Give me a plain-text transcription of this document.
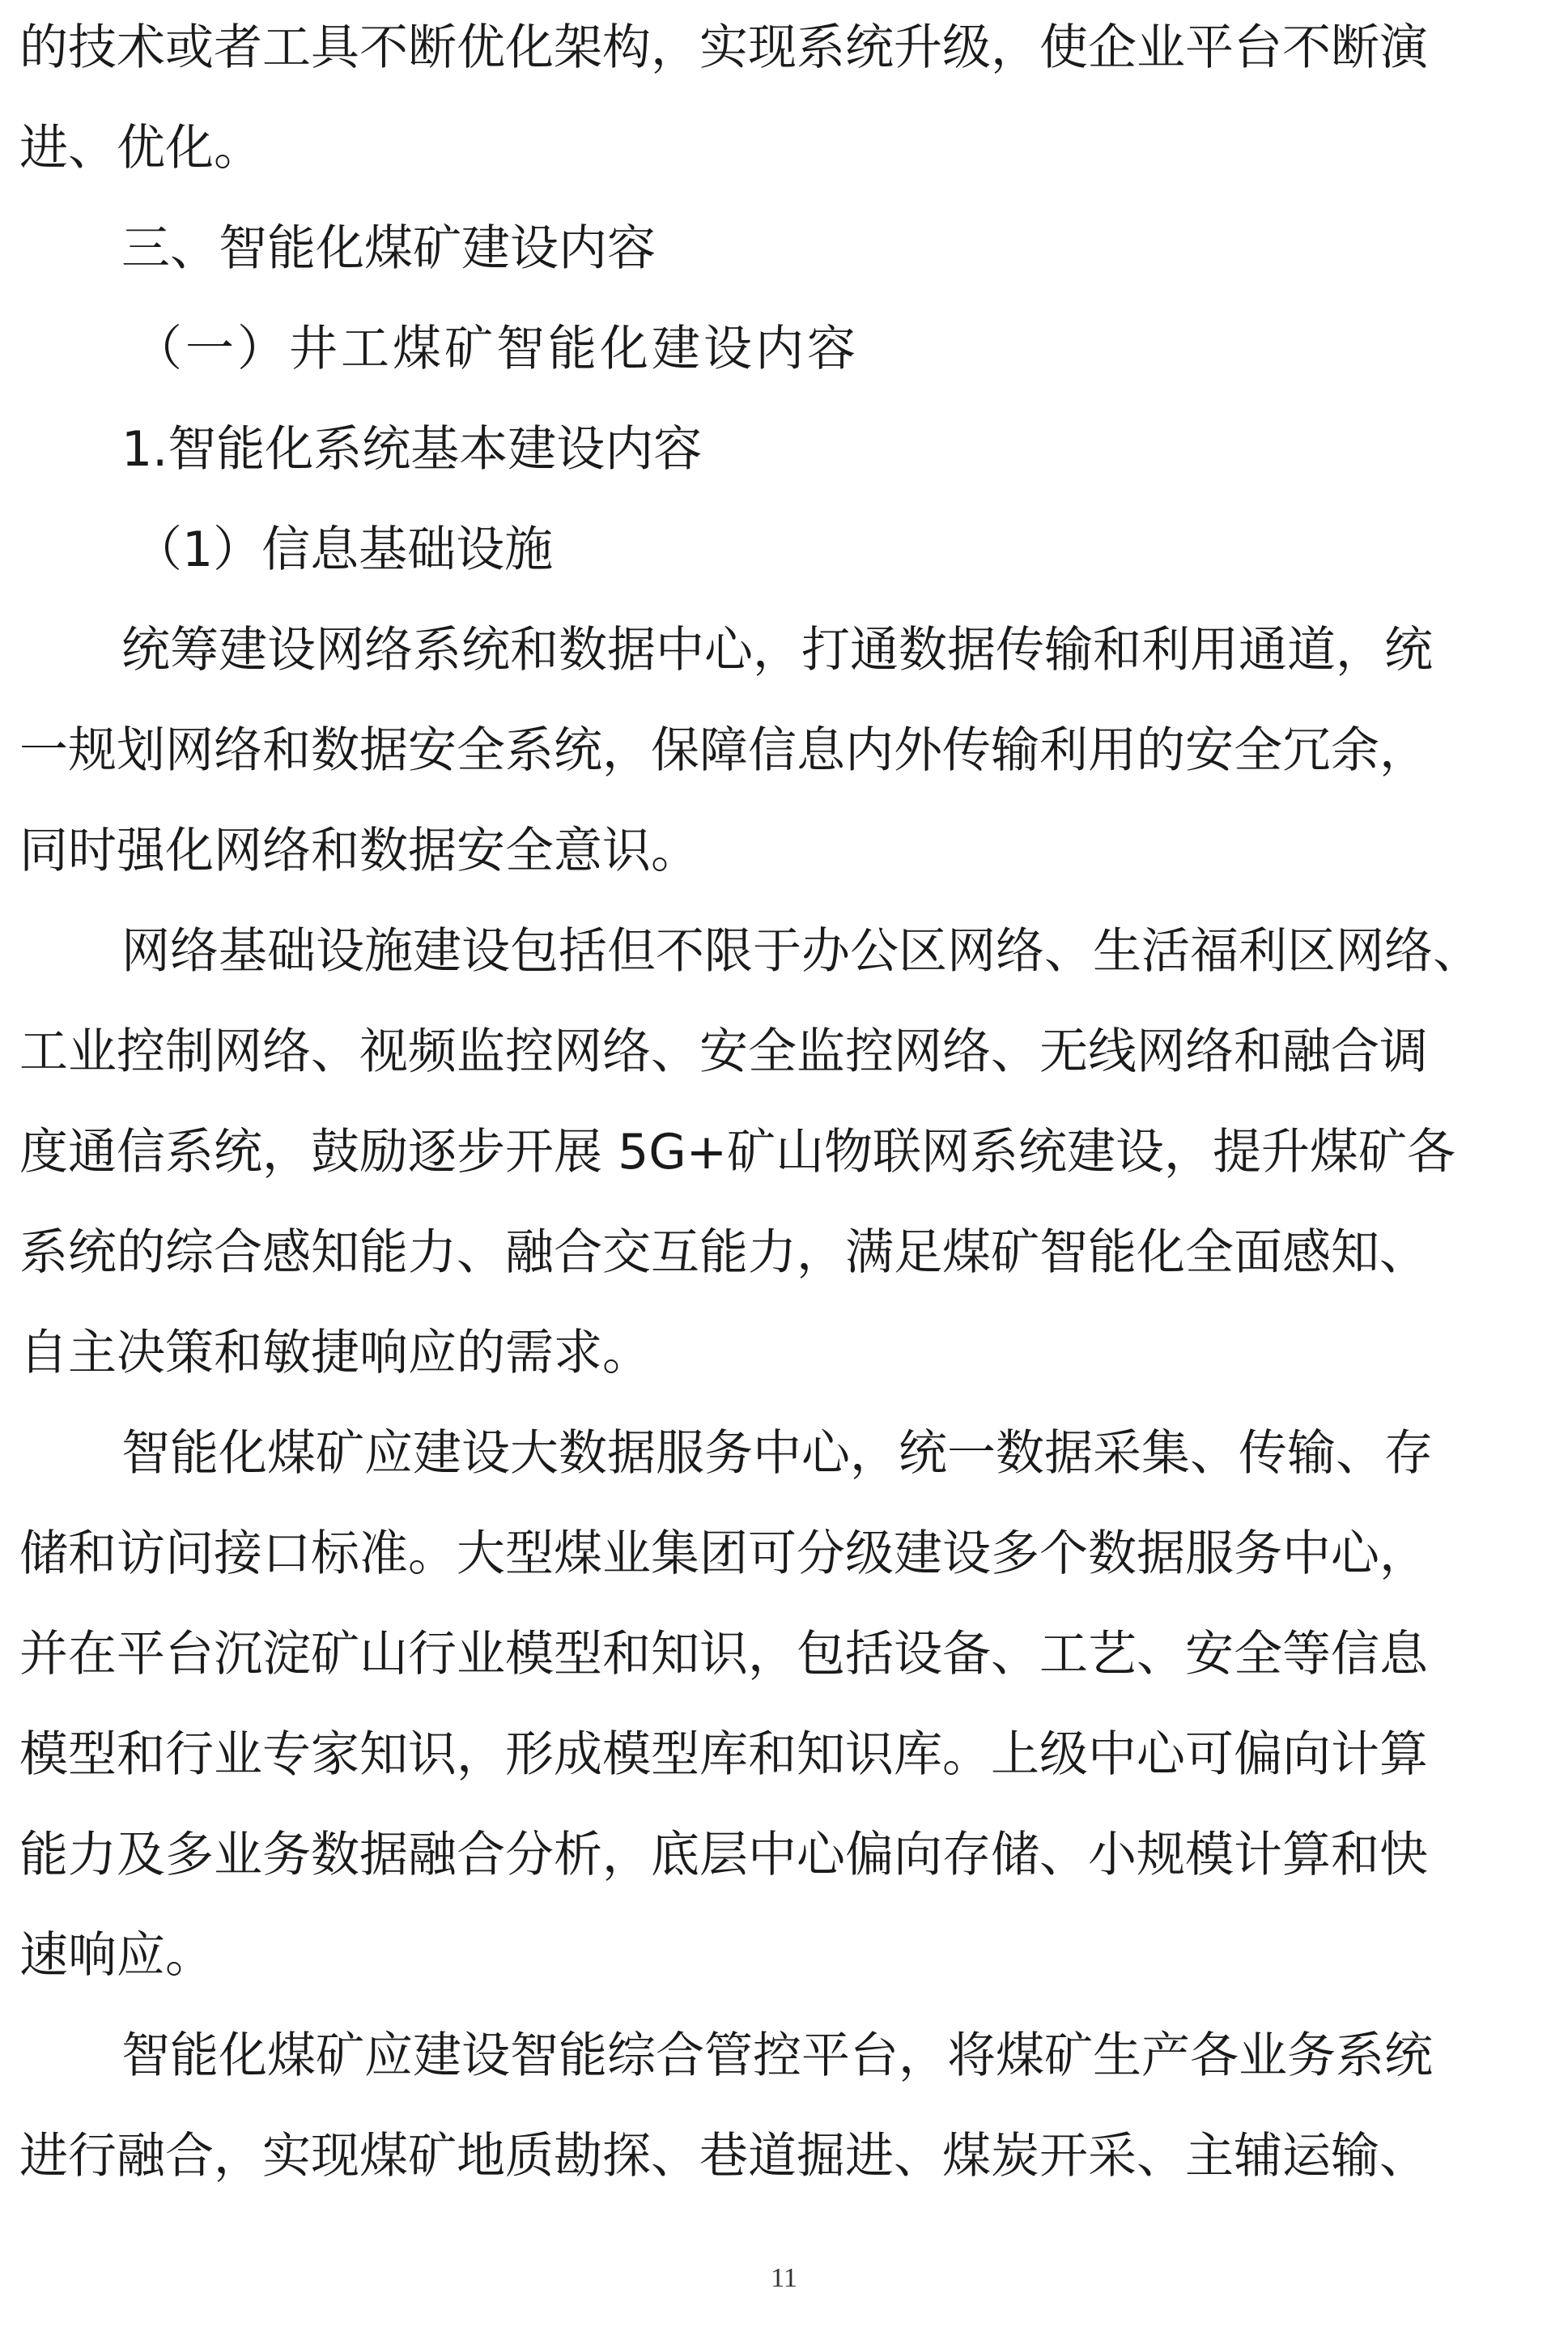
的技术或者工具不断优化架构，实现系统升级，使企业平台不断演
进、优化。
三、智能化煤矿建设内容
（一）井工煤矿智能化建设内容
1.智能化系统基本建设内容
（1）信息基础设施
统筹建设网络系统和数据中心，打通数据传输和利用通道，统
一规划网络和数据安全系统，保障信息内外传输利用的安全冗余，
同时强化网络和数据安全意识。
网络基础设施建设包括但不限于办公区网络、生活福利区网络、
工业控制网络、视频监控网络、安全监控网络、无线网络和融合调
度通信系统，鼓励逐步开展 5G+矿山物联网系统建设，提升煤矿各
系统的综合感知能力、融合交互能力，满足煤矿智能化全面感知、
自主决策和敏捷响应的需求。
智能化煤矿应建设大数据服务中心，统一数据采集、传输、存
储和访问接口标准。大型煤业集团可分级建设多个数据服务中心，
并在平台沉淀矿山行业模型和知识，包括设备、工艺、安全等信息
模型和行业专家知识，形成模型库和知识库。上级中心可偏向计算
能力及多业务数据融合分析，底层中心偏向存储、小规模计算和快
速响应。
智能化煤矿应建设智能综合管控平台，将煤矿生产各业务系统
进行融合，实现煤矿地质勘探、巷道掘进、煤炭开采、主辅运输、
11
